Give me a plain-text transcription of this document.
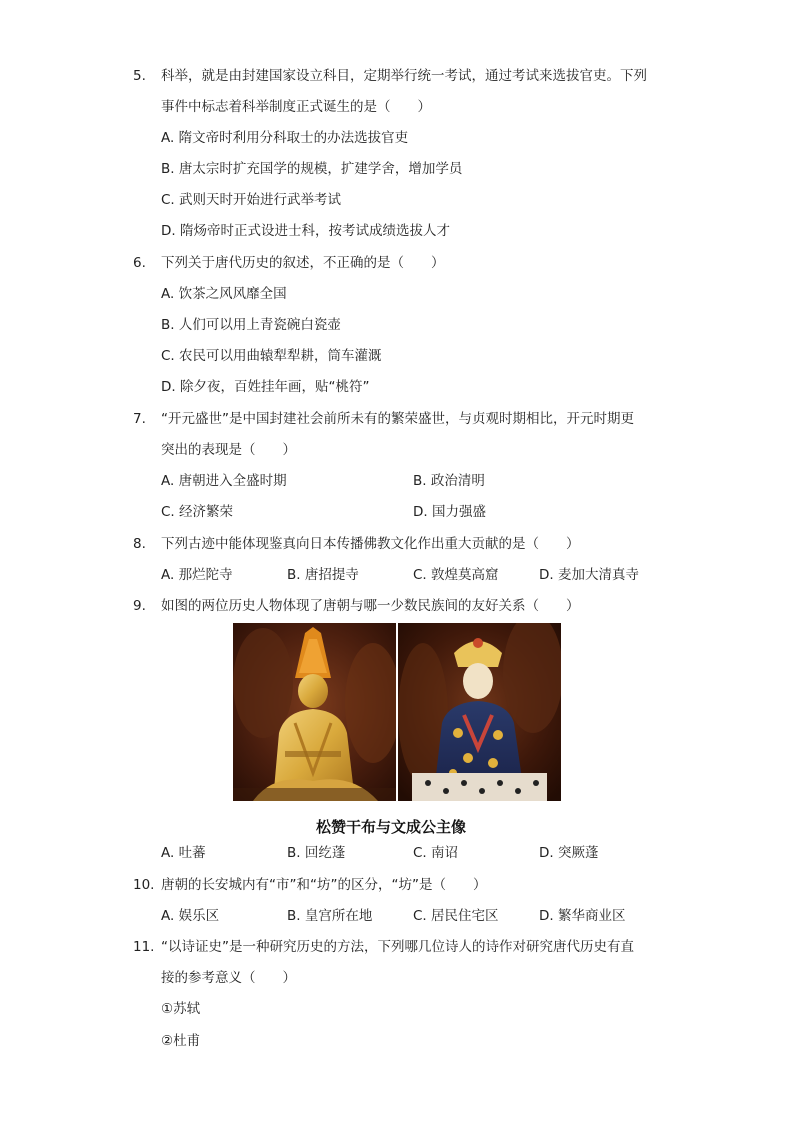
5. 科举，就是由封建国家设立科目，定期举行统一考试，通过考试来选拔官吏。下列
事件中标志着科举制度正式诞生的是（　　）
A. 隋文帝时利用分科取士的办法选拔官吏
B. 唐太宗时扩充国学的规模，扩建学舍，增加学员
C. 武则天时开始进行武举考试
D. 隋炀帝时正式设进士科，按考试成绩选拔人才
6. 下列关于唐代历史的叙述，不正确的是（　　）
A. 饮茶之风风靡全国
B. 人们可以用上青瓷碗白瓷壶
C. 农民可以用曲辕犁犁耕，筒车灌溉
D. 除夕夜，百姓挂年画，贴“桃符”
7. “开元盛世”是中国封建社会前所未有的繁荣盛世，与贞观时期相比，开元时期更
突出的表现是（　　）
A. 唐朝进入全盛时期	B. 政治清明
C. 经济繁荣	D. 国力强盛
8. 下列古迹中能体现鉴真向日本传播佛教文化作出重大贡献的是（　　）
A. 那烂陀寺	B. 唐招提寺	C. 敦煌莫高窟	D. 麦加大清真寺
9. 如图的两位历史人物体现了唐朝与哪一少数民族间的友好关系（　　）
松赞干布与文成公主像
A. 吐蕃	B. 回纥蓬	C. 南诏	D. 突厥蓬
10. 唐朝的长安城内有“市”和“坊”的区分，“坊”是（　　）
A. 娱乐区	B. 皇宫所在地	C. 居民住宅区	D. 繁华商业区
11. “以诗证史”是一种研究历史的方法，下列哪几位诗人的诗作对研究唐代历史有直
接的参考意义（　　）
①苏轼
②杜甫
